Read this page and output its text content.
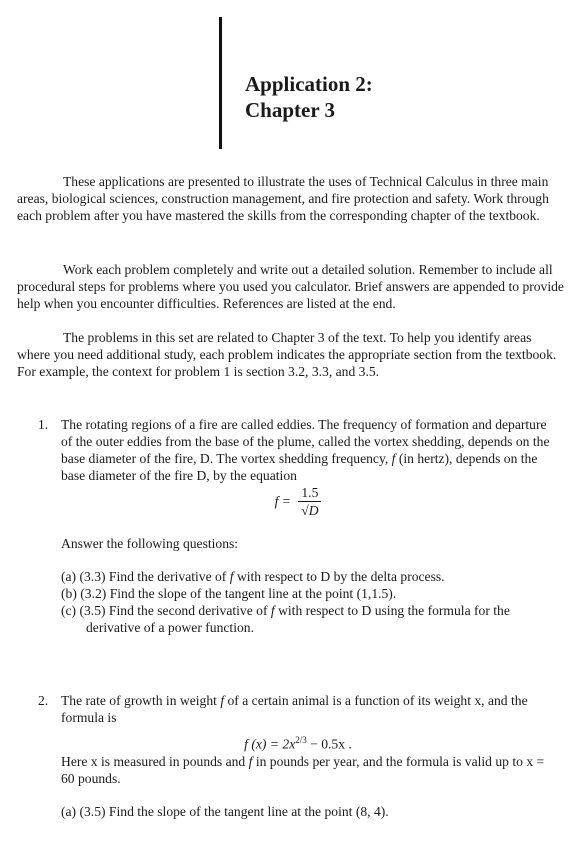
Application 2:
Chapter 3

These applications are presented to illustrate the uses of Technical Calculus in three main areas, biological sciences, construction management, and fire protection and safety. Work through each problem after you have mastered the skills from the corresponding chapter of the textbook.

Work each problem completely and write out a detailed solution. Remember to include all procedural steps for problems where you used you calculator. Brief answers are appended to provide help when you encounter difficulties. References are listed at the end.

The problems in this set are related to Chapter 3 of the text. To help you identify areas where you need additional study, each problem indicates the appropriate section from the textbook. For example, the context for problem 1 is section 3.2, 3.3, and 3.5.

1. The rotating regions of a fire are called eddies. The frequency of formation and departure of the outer eddies from the base of the plume, called the vortex shedding, depends on the base diameter of the fire, D. The vortex shedding frequency, f (in hertz), depends on the base diameter of the fire D, by the equation
$f = \frac{1.5}{√D}$
Answer the following questions:

(a) (3.3) Find the derivative of f with respect to D by the delta process.

(b) (3.2) Find the slope of the tangent line at the point (1,1.5).

(c) (3.5) Find the second derivative of f with respect to D using the formula for the derivative of a power function.

2. The rate of growth in weight f of a certain animal is a function of its weight x, and the formula is
f $(x) = 2x^{2/3} - 0.5x$ .
Here x is measured in pounds and f in pounds per year, and the formula is valid up to x = 60 pounds.

(a) (3.5) Find the slope of the tangent line at the point (8, 4).
